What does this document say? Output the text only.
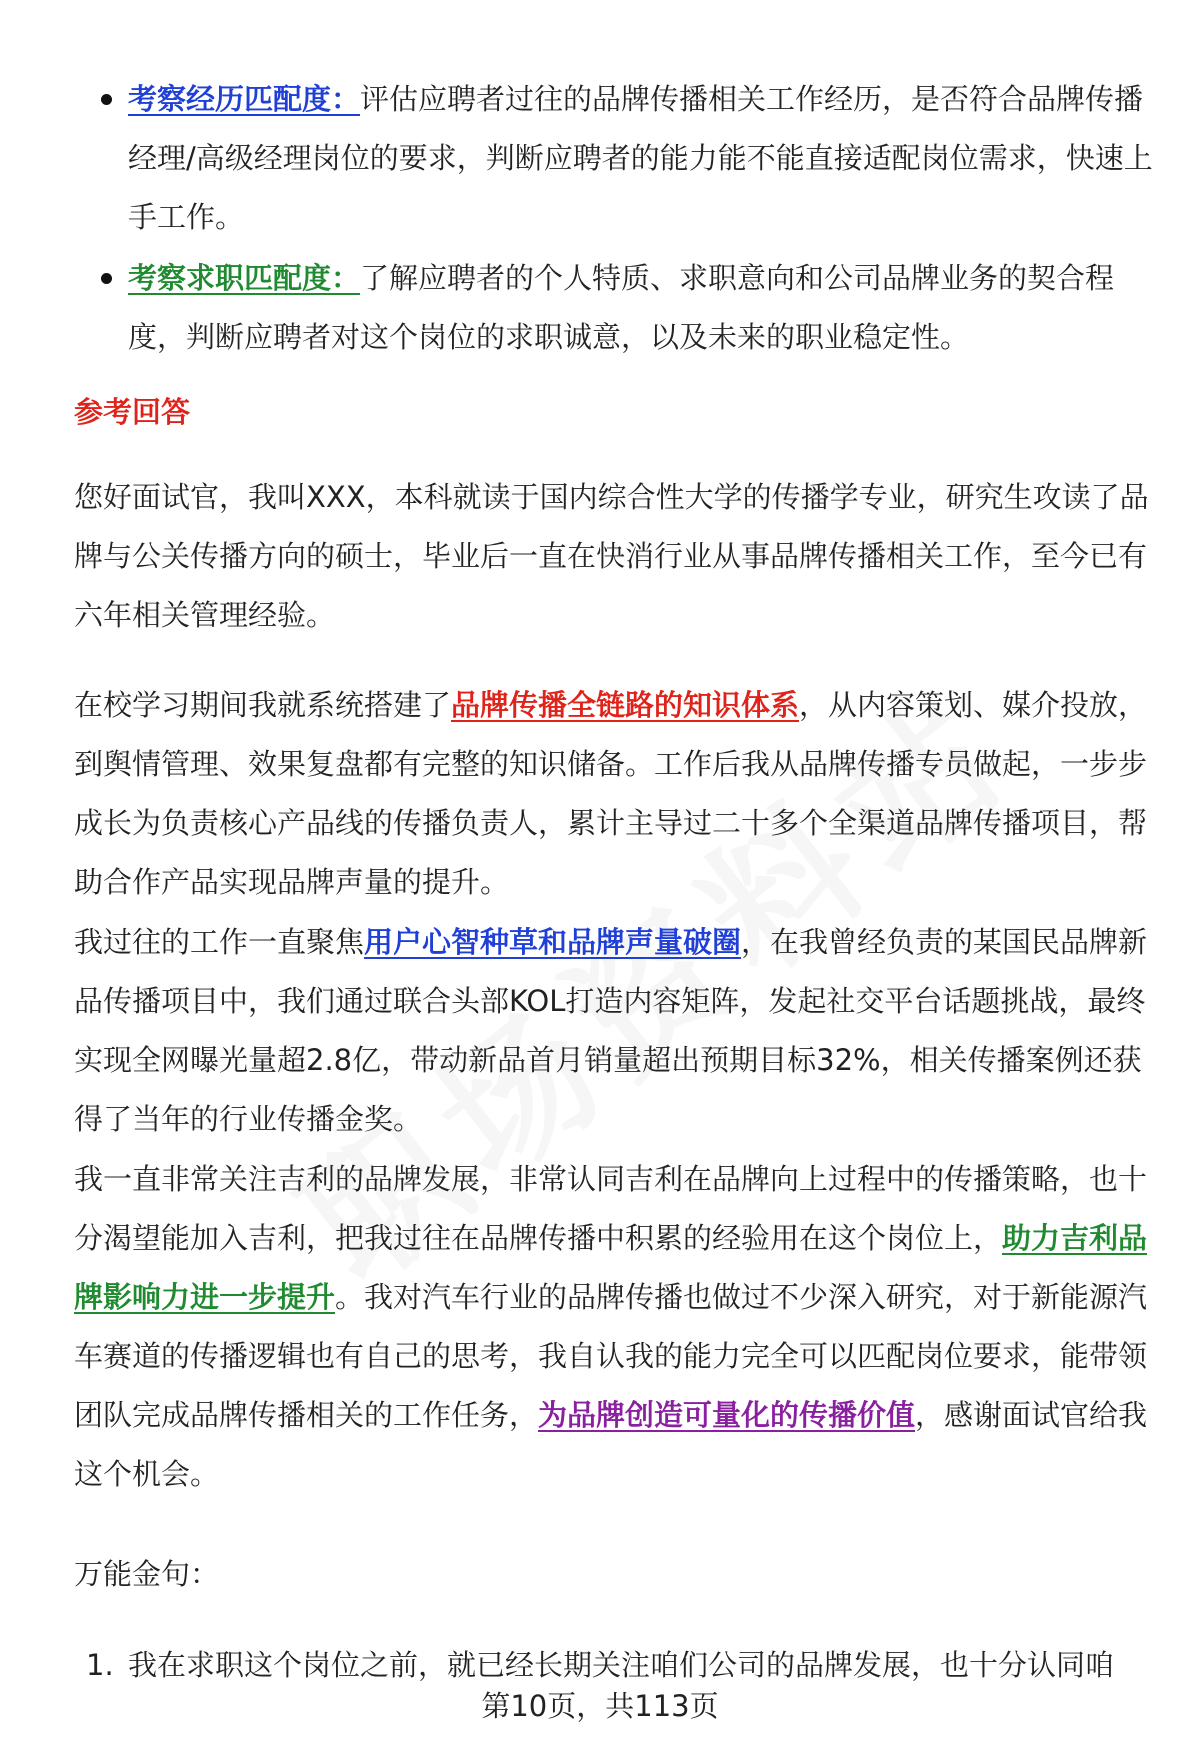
考察经历匹配度：评估应聘者过往的品牌传播相关工作经历，是否符合品牌传播经理/高级经理岗位的要求，判断应聘者的能力能不能直接适配岗位需求，快速上手工作。
考察求职匹配度：了解应聘者的个人特质、求职意向和公司品牌业务的契合程度，判断应聘者对这个岗位的求职诚意，以及未来的职业稳定性。
参考回答

您好面试官，我叫XXX，本科就读于国内综合性大学的传播学专业，研究生攻读了品牌与公关传播方向的硕士，毕业后一直在快消行业从事品牌传播相关工作，至今已有六年相关管理经验。

在校学习期间我就系统搭建了品牌传播全链路的知识体系，从内容策划、媒介投放，到舆情管理、效果复盘都有完整的知识储备。工作后我从品牌传播专员做起，一步步成长为负责核心产品线的传播负责人，累计主导过二十多个全渠道品牌传播项目，帮助合作产品实现品牌声量的提升。

我过往的工作一直聚焦用户心智种草和品牌声量破圈，在我曾经负责的某国民品牌新品传播项目中，我们通过联合头部KOL打造内容矩阵，发起社交平台话题挑战，最终实现全网曝光量超2.8亿，带动新品首月销量超出预期目标32%，相关传播案例还获得了当年的行业传播金奖。

我一直非常关注吉利的品牌发展，非常认同吉利在品牌向上过程中的传播策略，也十分渴望能加入吉利，把我过往在品牌传播中积累的经验用在这个岗位上，助力吉利品牌影响力进一步提升。我对汽车行业的品牌传播也做过不少深入研究，对于新能源汽车赛道的传播逻辑也有自己的思考，我自认我的能力完全可以匹配岗位要求，能带领团队完成品牌传播相关的工作任务，为品牌创造可量化的传播价值，感谢面试官给我这个机会。

万能金句：
1. 我在求职这个岗位之前，就已经长期关注咱们公司的品牌发展，也十分认同咱
第10页，共113页
